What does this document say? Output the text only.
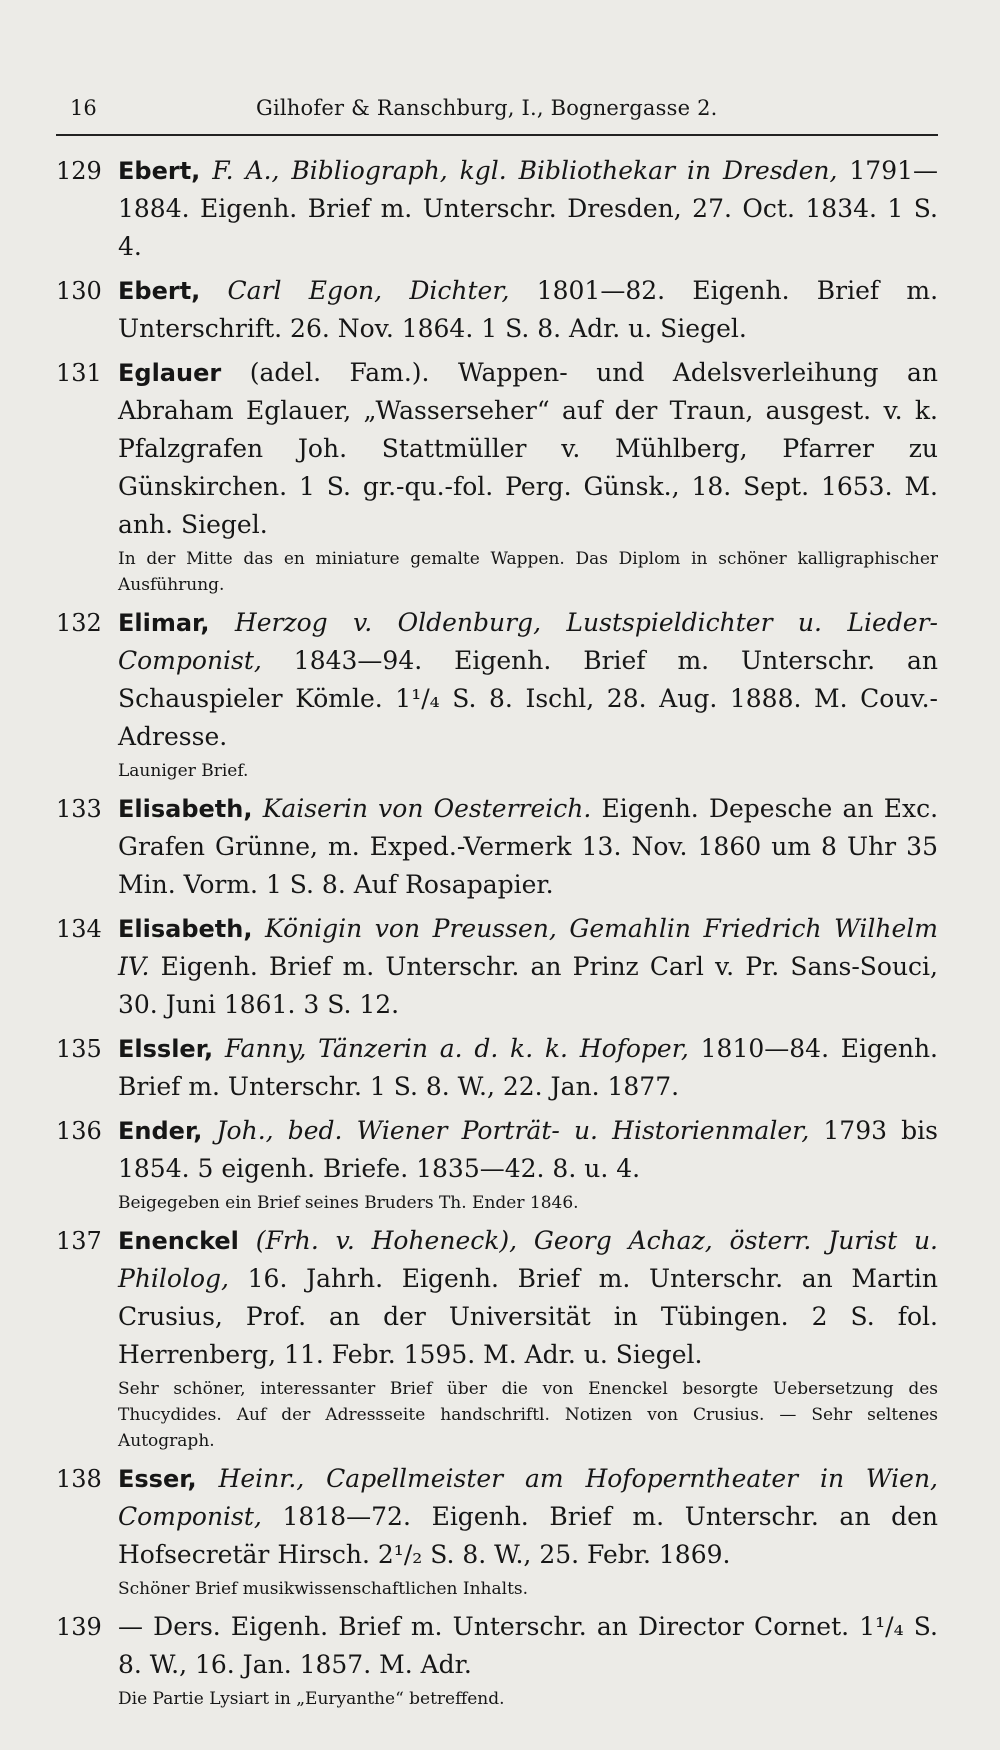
16	Gilhofer & Ranschburg, I., Bognergasse 2.
129 Ebert, F. A., Bibliograph, kgl. Bibliothekar in Dresden, 1791—1884. Eigenh. Brief m. Unterschr. Dresden, 27. Oct. 1834. 1 S. 4.
130 Ebert, Carl Egon, Dichter, 1801—82. Eigenh. Brief m. Unterschrift. 26. Nov. 1864. 1 S. 8. Adr. u. Siegel.
131 Eglauer (adel. Fam.). Wappen- und Adelsverleihung an Abraham Eglauer, „Wasserseher“ auf der Traun, ausgest. v. k. Pfalzgrafen Joh. Stattmüller v. Mühlberg, Pfarrer zu Günskirchen. 1 S. gr.-qu.-fol. Perg. Günsk., 18. Sept. 1653. M. anh. Siegel.
In der Mitte das en miniature gemalte Wappen. Das Diplom in schöner kalligraphischer Ausführung.
132 Elimar, Herzog v. Oldenburg, Lustspieldichter u. Lieder-Componist, 1843—94. Eigenh. Brief m. Unterschr. an Schauspieler Kömle. 1¹/₄ S. 8. Ischl, 28. Aug. 1888. M. Couv.-Adresse.
Launiger Brief.
133 Elisabeth, Kaiserin von Oesterreich. Eigenh. Depesche an Exc. Grafen Grünne, m. Exped.-Vermerk 13. Nov. 1860 um 8 Uhr 35 Min. Vorm. 1 S. 8. Auf Rosapapier.
134 Elisabeth, Königin von Preussen, Gemahlin Friedrich Wilhelm IV. Eigenh. Brief m. Unterschr. an Prinz Carl v. Pr. Sans-Souci, 30. Juni 1861. 3 S. 12.
135 Elssler, Fanny, Tänzerin a. d. k. k. Hofoper, 1810—84. Eigenh. Brief m. Unterschr. 1 S. 8. W., 22. Jan. 1877.
136 Ender, Joh., bed. Wiener Porträt- u. Historienmaler, 1793 bis 1854. 5 eigenh. Briefe. 1835—42. 8. u. 4.
Beigegeben ein Brief seines Bruders Th. Ender 1846.
137 Enenckel (Frh. v. Hoheneck), Georg Achaz, österr. Jurist u. Philolog, 16. Jahrh. Eigenh. Brief m. Unterschr. an Martin Crusius, Prof. an der Universität in Tübingen. 2 S. fol. Herrenberg, 11. Febr. 1595. M. Adr. u. Siegel.
Sehr schöner, interessanter Brief über die von Enenckel besorgte Uebersetzung des Thucydides. Auf der Adressseite handschriftl. Notizen von Crusius. — Sehr seltenes Autograph.
138 Esser, Heinr., Capellmeister am Hofoperntheater in Wien, Componist, 1818—72. Eigenh. Brief m. Unterschr. an den Hofsecretär Hirsch. 2¹/₂ S. 8. W., 25. Febr. 1869.
Schöner Brief musikwissenschaftlichen Inhalts.
139 — Ders. Eigenh. Brief m. Unterschr. an Director Cornet. 1¹/₄ S. 8. W., 16. Jan. 1857. M. Adr.
Die Partie Lysiart in „Euryanthe“ betreffend.
